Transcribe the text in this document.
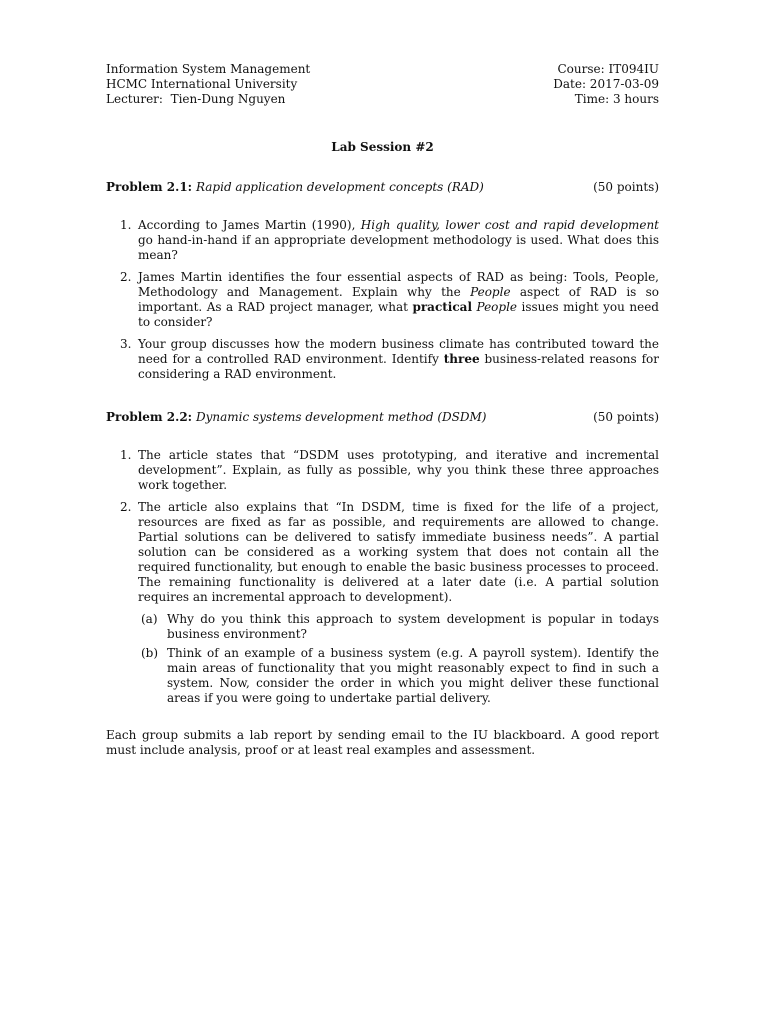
Information System Management
HCMC International University
Lecturer:  Tien-Dung Nguyen
Course: IT094IU
Date: 2017-03-09
Time: 3 hours
Lab Session #2
Problem 2.1: Rapid application development concepts (RAD)	(50 points)
1. According to James Martin (1990), High quality, lower cost and rapid development go hand-in-hand if an appropriate development methodology is used. What does this mean?
2. James Martin identifies the four essential aspects of RAD as being: Tools, People, Methodology and Management. Explain why the People aspect of RAD is so important. As a RAD project manager, what practical People issues might you need to consider?
3. Your group discusses how the modern business climate has contributed toward the need for a controlled RAD environment. Identify three business-related reasons for considering a RAD environment.
Problem 2.2: Dynamic systems development method (DSDM)	(50 points)
1. The article states that “DSDM uses prototyping, and iterative and incremental development”. Explain, as fully as possible, why you think these three approaches work together.
2. The article also explains that “In DSDM, time is fixed for the life of a project, resources are fixed as far as possible, and requirements are allowed to change. Partial solutions can be delivered to satisfy immediate business needs”. A partial solution can be considered as a working system that does not contain all the required functionality, but enough to enable the basic business processes to proceed. The remaining functionality is delivered at a later date (i.e. A partial solution requires an incremental approach to development).
(a) Why do you think this approach to system development is popular in todays business environment?
(b) Think of an example of a business system (e.g. A payroll system). Identify the main areas of functionality that you might reasonably expect to find in such a system. Now, consider the order in which you might deliver these functional areas if you were going to undertake partial delivery.
Each group submits a lab report by sending email to the IU blackboard. A good report must include analysis, proof or at least real examples and assessment.
